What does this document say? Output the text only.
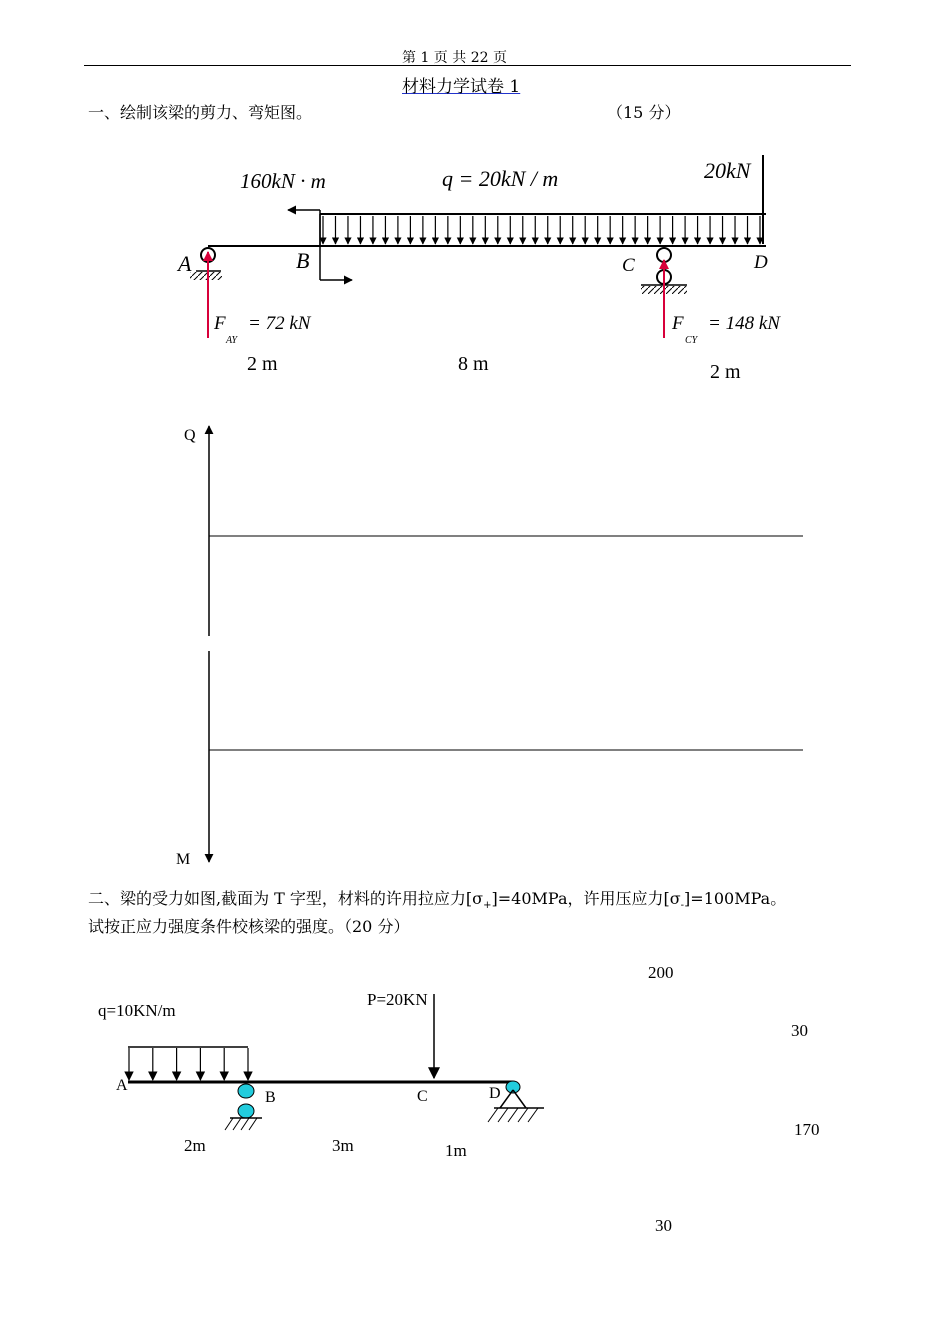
第 1 页 共 22 页
材料力学试卷 1
一、绘制该梁的剪力、弯矩图。	（15 分）
160kN · m	q = 20kN / m	20kN
A	B	C	D
F
AY
= 72 kN	F
CY
= 148 kN
2 m	8 m	2 m
Q
M
q=10KN/m
P=20KN
A
B	C	D
2m	3m	1m
200
30
170
30
二、梁的受力如图,截面为 T 字型，材料的许用拉应力$[\sigma_+]=40MPa$，许用压应力$[\sigma_-]=100MPa$。
试按正应力强度条件校核梁的强度。（20 分）
